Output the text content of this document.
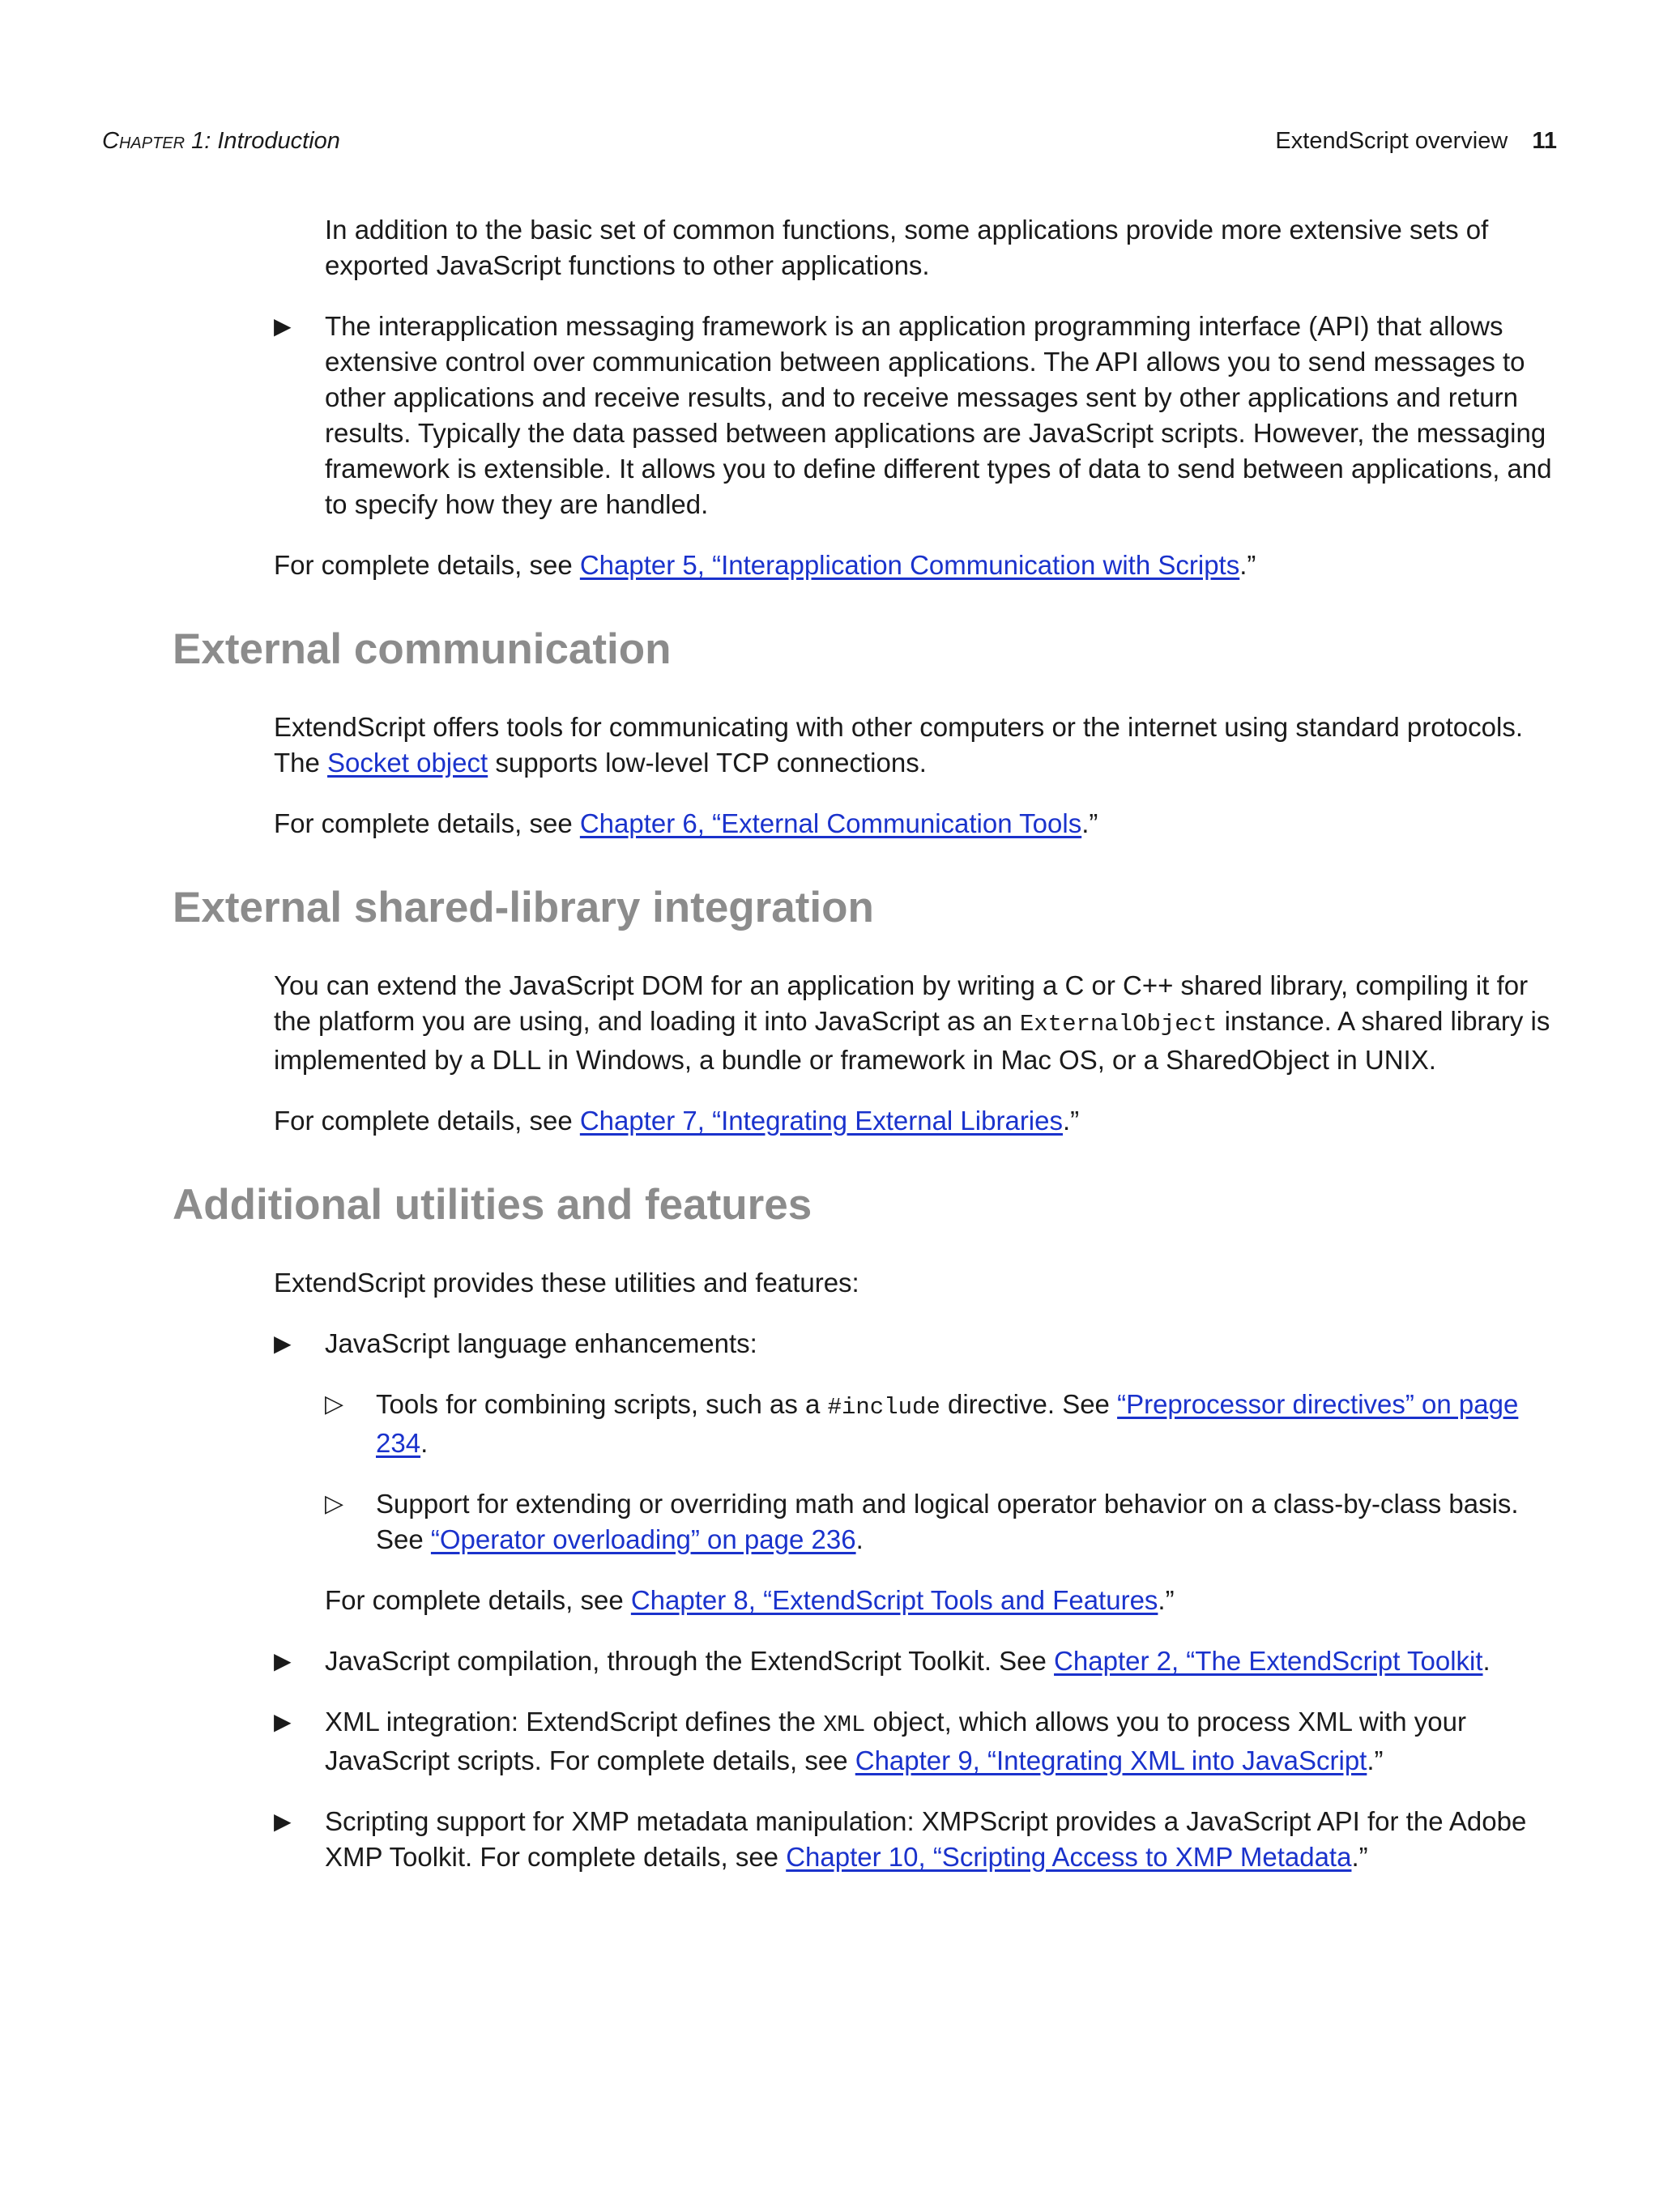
Chapter 1: Introduction	ExtendScript overview 11

In addition to the basic set of common functions, some applications provide more extensive sets of exported JavaScript functions to other applications.

▶ The interapplication messaging framework is an application programming interface (API) that allows extensive control over communication between applications. The API allows you to send messages to other applications and receive results, and to receive messages sent by other applications and return results. Typically the data passed between applications are JavaScript scripts. However, the messaging framework is extensible. It allows you to define different types of data to send between applications, and to specify how they are handled.

For complete details, see Chapter 5, “Interapplication Communication with Scripts.”

External communication

ExtendScript offers tools for communicating with other computers or the internet using standard protocols. The Socket object supports low-level TCP connections.

For complete details, see Chapter 6, “External Communication Tools.”

External shared-library integration

You can extend the JavaScript DOM for an application by writing a C or C++ shared library, compiling it for the platform you are using, and loading it into JavaScript as an ExternalObject instance. A shared library is implemented by a DLL in Windows, a bundle or framework in Mac OS, or a SharedObject in UNIX.

For complete details, see Chapter 7, “Integrating External Libraries.”

Additional utilities and features

ExtendScript provides these utilities and features:

▶ JavaScript language enhancements:

▷ Tools for combining scripts, such as a #include directive. See “Preprocessor directives” on page 234.

▷ Support for extending or overriding math and logical operator behavior on a class-by-class basis. See “Operator overloading” on page 236.

For complete details, see Chapter 8, “ExtendScript Tools and Features.”

▶ JavaScript compilation, through the ExtendScript Toolkit. See Chapter 2, “The ExtendScript Toolkit.

▶ XML integration: ExtendScript defines the XML object, which allows you to process XML with your JavaScript scripts. For complete details, see Chapter 9, “Integrating XML into JavaScript.”

▶ Scripting support for XMP metadata manipulation: XMPScript provides a JavaScript API for the Adobe XMP Toolkit. For complete details, see Chapter 10, “Scripting Access to XMP Metadata.”
